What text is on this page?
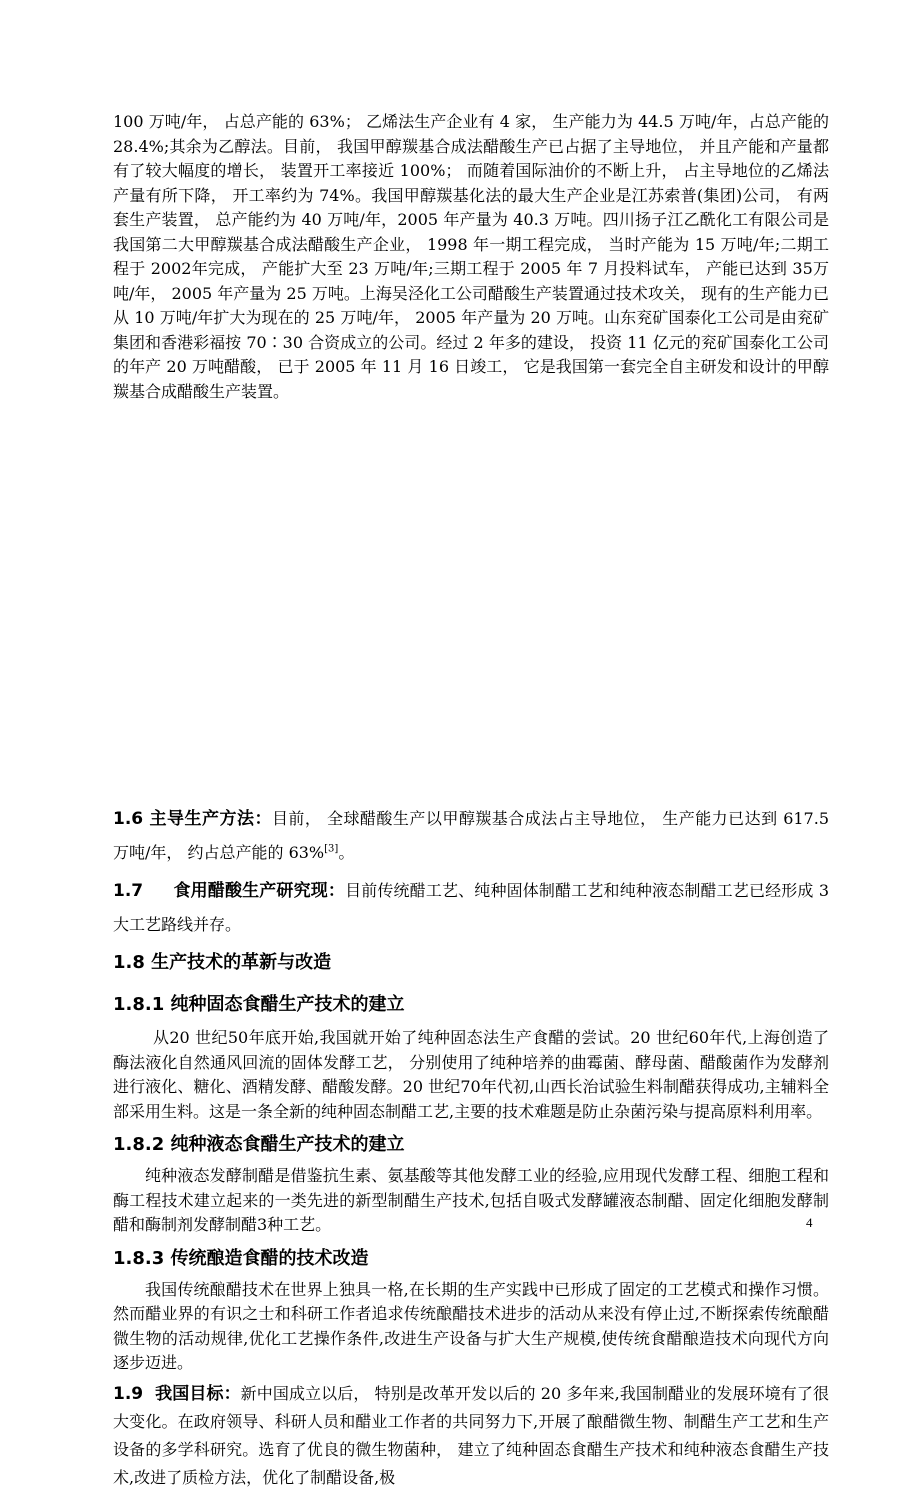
100 万吨/年， 占总产能的 63%； 乙烯法生产企业有 4 家， 生产能力为 44.5 万吨/年，占总产能的 28.4%;其余为乙醇法。目前， 我国甲醇羰基合成法醋酸生产已占据了主导地位， 并且产能和产量都有了较大幅度的增长， 装置开工率接近 100%； 而随着国际油价的不断上升， 占主导地位的乙烯法产量有所下降， 开工率约为 74%。我国甲醇羰基化法的最大生产企业是江苏索普(集团)公司， 有两套生产装置， 总产能约为 40 万吨/年，2005 年产量为 40.3 万吨。四川扬子江乙酰化工有限公司是我国第二大甲醇羰基合成法醋酸生产企业， 1998 年一期工程完成， 当时产能为 15 万吨/年;二期工程于 2002年完成， 产能扩大至 23 万吨/年;三期工程于 2005 年 7 月投料试车， 产能已达到 35万吨/年， 2005 年产量为 25 万吨。上海吴泾化工公司醋酸生产装置通过技术攻关， 现有的生产能力已从 10 万吨/年扩大为现在的 25 万吨/年， 2005 年产量为 20 万吨。山东兖矿国泰化工公司是由兖矿集团和香港彩福按 70∶30 合资成立的公司。经过 2 年多的建设， 投资 11 亿元的兖矿国泰化工公司的年产 20 万吨醋酸， 已于 2005 年 11 月 16 日竣工， 它是我国第一套完全自主研发和设计的甲醇羰基合成醋酸生产装置。

1.6 主导生产方法：目前， 全球醋酸生产以甲醇羰基合成法占主导地位， 生产能力已达到 617.5 万吨/年， 约占总产能的 63%[3]。

1.7 食用醋酸生产研究现：目前传统醋工艺、纯种固体制醋工艺和纯种液态制醋工艺已经形成 3 大工艺路线并存。

1.8 生产技术的革新与改造
1.8.1 纯种固态食醋生产技术的建立

从20 世纪50年底开始,我国就开始了纯种固态法生产食醋的尝试。20 世纪60年代,上海创造了酶法液化自然通风回流的固体发酵工艺， 分别使用了纯种培养的曲霉菌、酵母菌、醋酸菌作为发酵剂进行液化、糖化、酒精发酵、醋酸发酵。20 世纪70年代初,山西长治试验生料制醋获得成功,主辅料全部采用生料。这是一条全新的纯种固态制醋工艺,主要的技术难题是防止杂菌污染与提高原料利用率。

1.8.2 纯种液态食醋生产技术的建立

纯种液态发酵制醋是借鉴抗生素、氨基酸等其他发酵工业的经验,应用现代发酵工程、细胞工程和酶工程技术建立起来的一类先进的新型制醋生产技术,包括自吸式发酵罐液态制醋、固定化细胞发酵制醋和酶制剂发酵制醋3种工艺。

1.8.3 传统酿造食醋的技术改造

我国传统酿醋技术在世界上独具一格,在长期的生产实践中已形成了固定的工艺模式和操作习惯。然而醋业界的有识之士和科研工作者追求传统酿醋技术进步的活动从来没有停止过,不断探索传统酿醋微生物的活动规律,优化工艺操作条件,改进生产设备与扩大生产规模,使传统食醋酿造技术向现代方向逐步迈进。

1.9 我国目标：新中国成立以后， 特别是改革开发以后的 20 多年来,我国制醋业的发展环境有了很大变化。在政府领导、科研人员和醋业工作者的共同努力下,开展了酿醋微生物、制醋生产工艺和生产设备的多学科研究。选育了优良的微生物菌种， 建立了纯种固态食醋生产技术和纯种液态食醋生产技术,改进了质检方法，优化了制醋设备,极

4
